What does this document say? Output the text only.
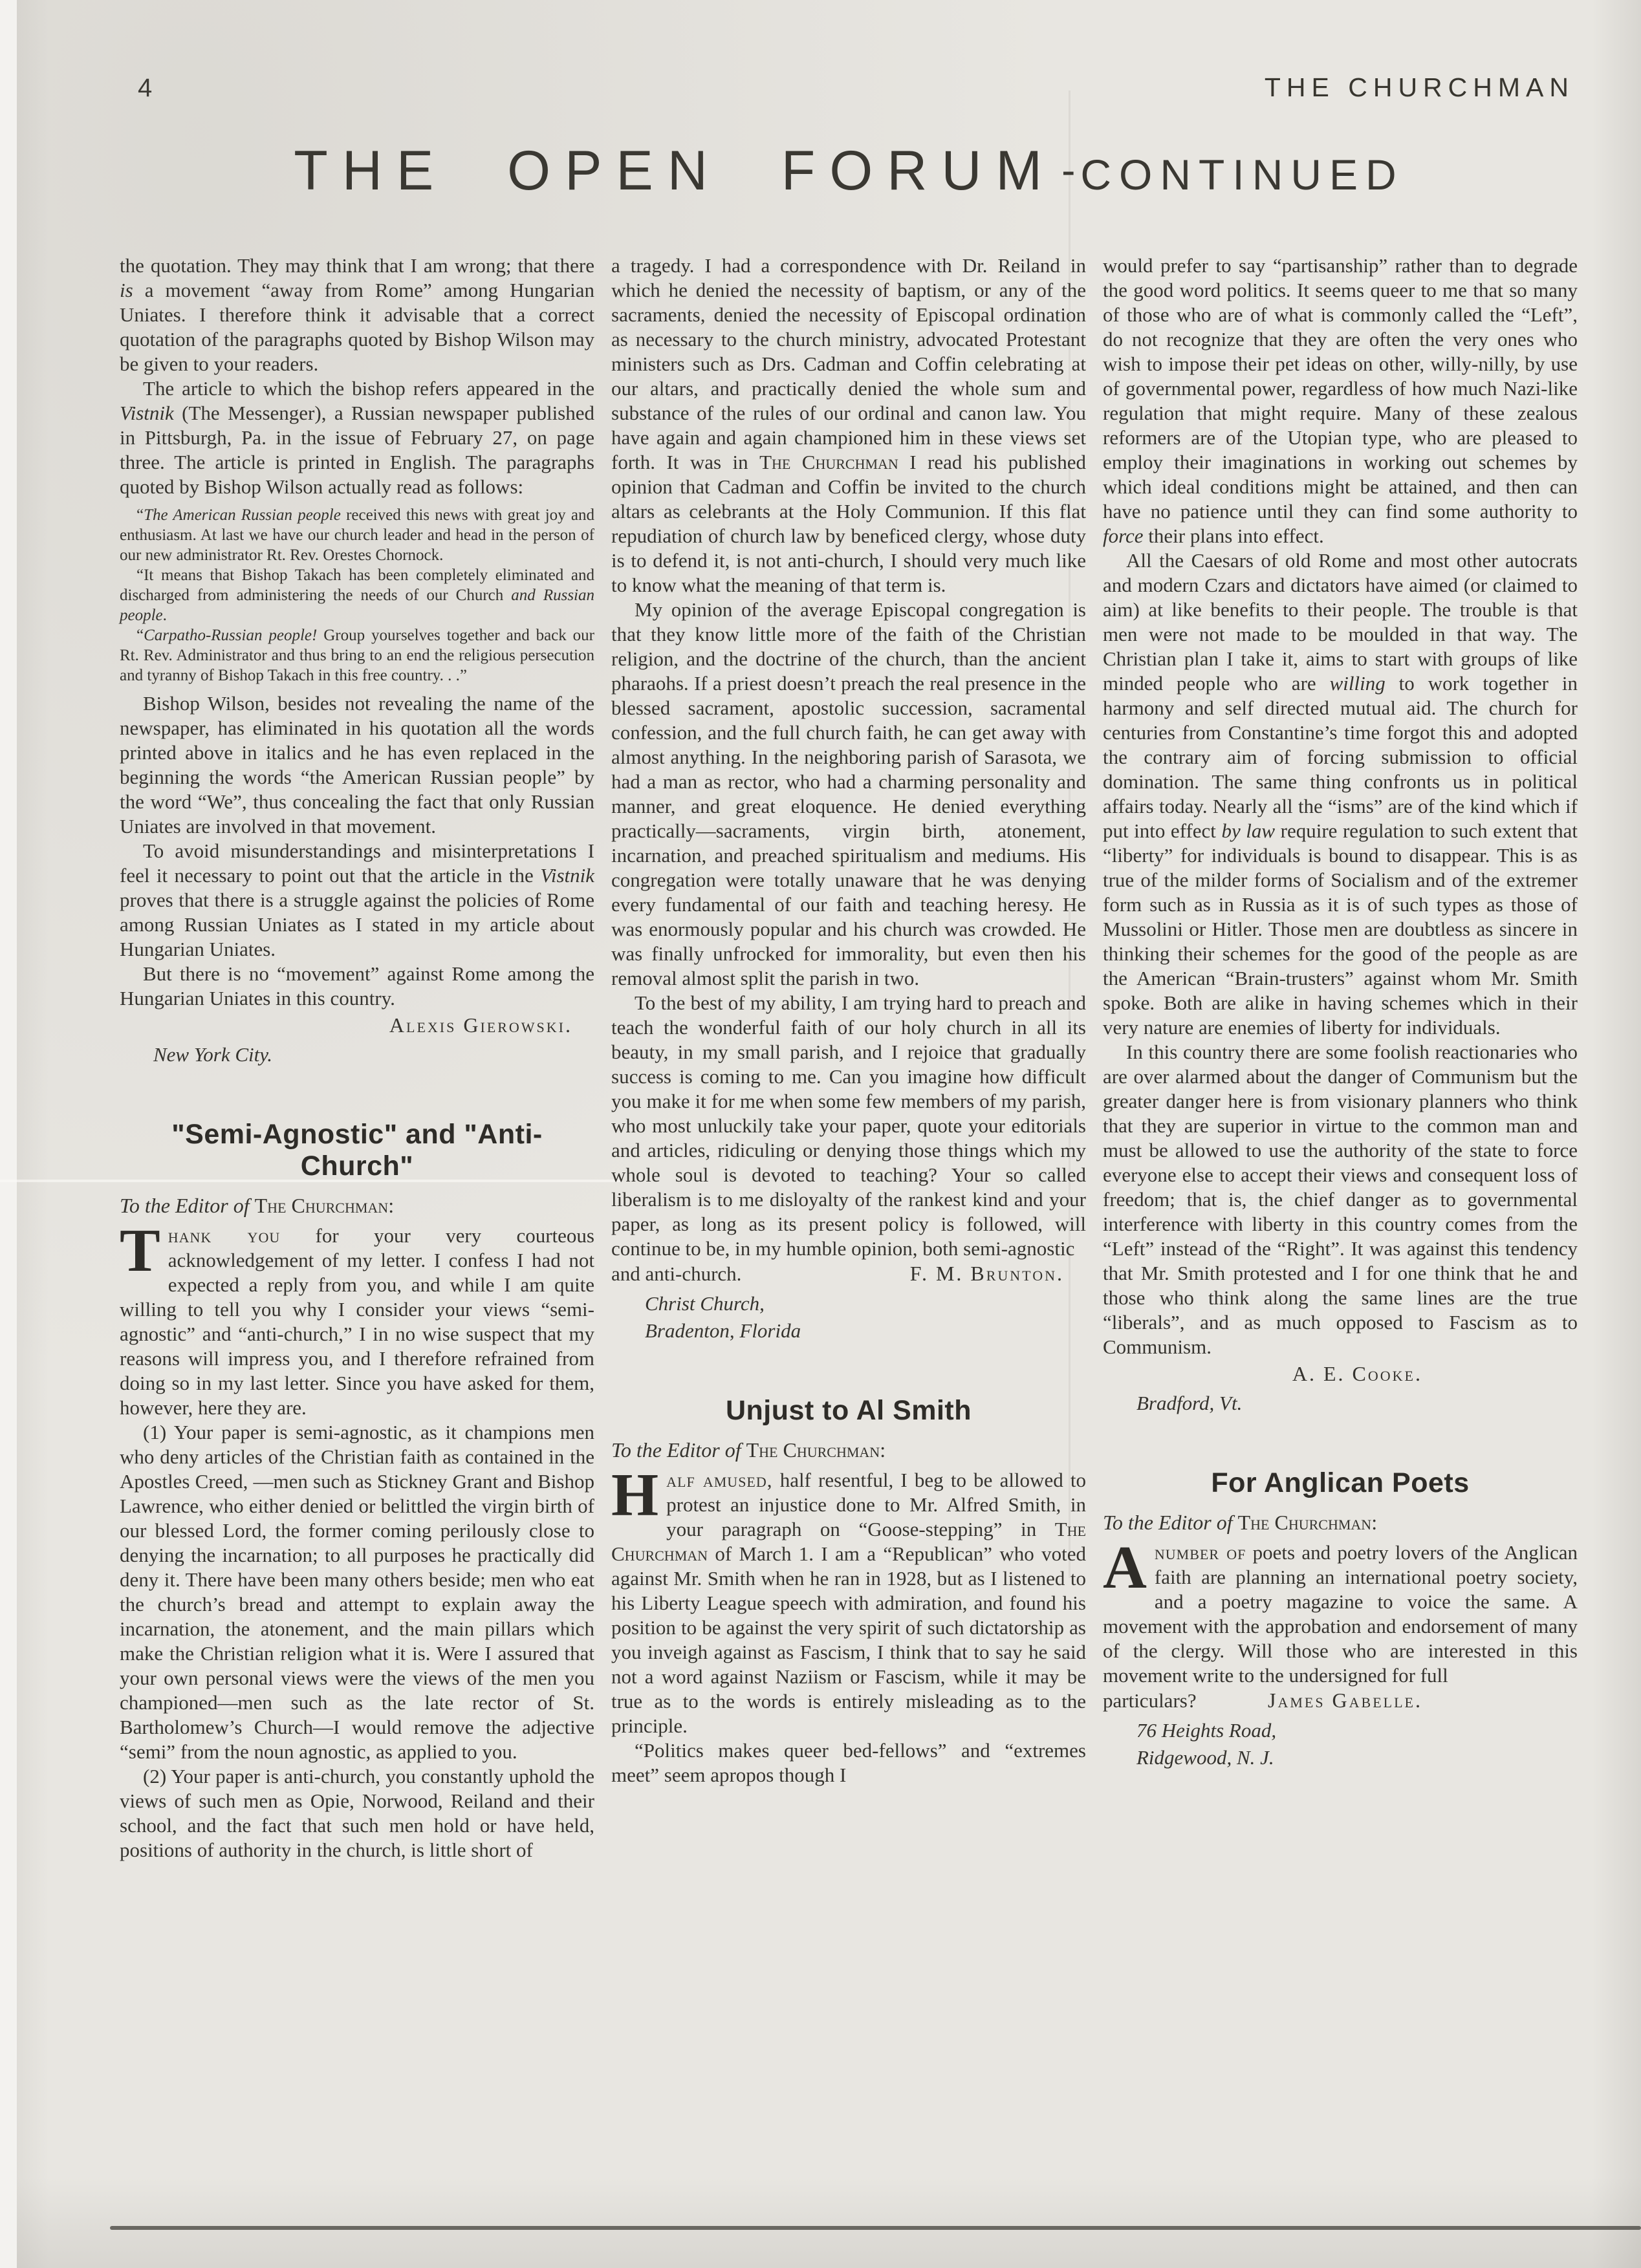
4	THE CHURCHMAN
THE OPEN FORUM - CONTINUED

the quotation. They may think that I am wrong; that there is a movement “away from Rome” among Hungarian Uniates. I therefore think it advisable that a correct quotation of the paragraphs quoted by Bishop Wilson may be given to your readers.

The article to which the bishop refers appeared in the Vistnik (The Messenger), a Russian newspaper published in Pittsburgh, Pa. in the issue of February 27, on page three. The article is printed in English. The paragraphs quoted by Bishop Wilson actually read as follows:

“The American Russian people received this news with great joy and enthusiasm. At last we have our church leader and head in the person of our new administrator Rt. Rev. Orestes Chornock.

“It means that Bishop Takach has been completely eliminated and discharged from administering the needs of our Church and Russian people.

“Carpatho-Russian people! Group yourselves together and back our Rt. Rev. Administrator and thus bring to an end the religious persecution and tyranny of Bishop Takach in this free country. . .”

Bishop Wilson, besides not revealing the name of the newspaper, has eliminated in his quotation all the words printed above in italics and he has even replaced in the beginning the words “the American Russian people” by the word “We”, thus concealing the fact that only Russian Uniates are involved in that movement.

To avoid misunderstandings and misinterpretations I feel it necessary to point out that the article in the Vistnik proves that there is a struggle against the policies of Rome among Russian Uniates as I stated in my article about Hungarian Uniates.

But there is no “movement” against Rome among the Hungarian Uniates in this country.

Alexis Gierowski.

New York City.

"Semi-Agnostic" and "Anti-Church"

To the Editor of The Churchman:

Thank you for your very courteous acknowledgement of my letter. I confess I had not expected a reply from you, and while I am quite willing to tell you why I consider your views “semi-agnostic” and “anti-church,” I in no wise suspect that my reasons will impress you, and I therefore refrained from doing so in my last letter. Since you have asked for them, however, here they are.

(1) Your paper is semi-agnostic, as it champions men who deny articles of the Christian faith as contained in the Apostles Creed, —men such as Stickney Grant and Bishop Lawrence, who either denied or belittled the virgin birth of our blessed Lord, the former coming perilously close to denying the incarnation; to all purposes he practically did deny it. There have been many others beside; men who eat the church’s bread and attempt to explain away the incarnation, the atonement, and the main pillars which make the Christian religion what it is. Were I assured that your own personal views were the views of the men you championed—men such as the late rector of St. Bartholomew’s Church—I would remove the adjective “semi” from the noun agnostic, as applied to you.

(2) Your paper is anti-church, you constantly uphold the views of such men as Opie, Norwood, Reiland and their school, and the fact that such men hold or have held, positions of authority in the church, is little short of

a tragedy. I had a correspondence with Dr. Reiland in which he denied the necessity of baptism, or any of the sacraments, denied the necessity of Episcopal ordination as necessary to the church ministry, advocated Protestant ministers such as Drs. Cadman and Coffin celebrating at our altars, and practically denied the whole sum and substance of the rules of our ordinal and canon law. You have again and again championed him in these views set forth. It was in The Churchman I read his published opinion that Cadman and Coffin be invited to the church altars as celebrants at the Holy Communion. If this flat repudiation of church law by beneficed clergy, whose duty is to defend it, is not anti-church, I should very much like to know what the meaning of that term is.

My opinion of the average Episcopal congregation is that they know little more of the faith of the Christian religion, and the doctrine of the church, than the ancient pharaohs. If a priest doesn’t preach the real presence in the blessed sacrament, apostolic succession, sacramental confession, and the full church faith, he can get away with almost anything. In the neighboring parish of Sarasota, we had a man as rector, who had a charming personality and manner, and great eloquence. He denied everything practically—sacraments, virgin birth, atonement, incarnation, and preached spiritualism and mediums. His congregation were totally unaware that he was denying every fundamental of our faith and teaching heresy. He was enormously popular and his church was crowded. He was finally unfrocked for immorality, but even then his removal almost split the parish in two.

To the best of my ability, I am trying hard to preach and teach the wonderful faith of our holy church in all its beauty, in my small parish, and I rejoice that gradually success is coming to me. Can you imagine how difficult you make it for me when some few members of my parish, who most unluckily take your paper, quote your editorials and articles, ridiculing or denying those things which my whole soul is devoted to teaching? Your so called liberalism is to me disloyalty of the rankest kind and your paper, as long as its present policy is followed, will continue to be, in my humble opinion, both semi-agnostic

and anti-church.	F. M. Brunton.

Christ Church,

Bradenton, Florida

Unjust to Al Smith

To the Editor of The Churchman:

Half amused, half resentful, I beg to be allowed to protest an injustice done to Mr. Alfred Smith, in your paragraph on “Goose-stepping” in The Churchman of March 1. I am a “Republican” who voted against Mr. Smith when he ran in 1928, but as I listened to his Liberty League speech with admiration, and found his position to be against the very spirit of such dictatorship as you inveigh against as Fascism, I think that to say he said not a word against Naziism or Fascism, while it may be true as to the words is entirely misleading as to the principle.

“Politics makes queer bed-fellows” and “extremes meet” seem apropos though I

would prefer to say “partisanship” rather than to degrade the good word politics. It seems queer to me that so many of those who are of what is commonly called the “Left”, do not recognize that they are often the very ones who wish to impose their pet ideas on other, willy-nilly, by use of governmental power, regardless of how much Nazi-like regulation that might require. Many of these zealous reformers are of the Utopian type, who are pleased to employ their imaginations in working out schemes by which ideal conditions might be attained, and then can have no patience until they can find some authority to force their plans into effect.

All the Caesars of old Rome and most other autocrats and modern Czars and dictators have aimed (or claimed to aim) at like benefits to their people. The trouble is that men were not made to be moulded in that way. The Christian plan I take it, aims to start with groups of like minded people who are willing to work together in harmony and self directed mutual aid. The church for centuries from Constantine’s time forgot this and adopted the contrary aim of forcing submission to official domination. The same thing confronts us in political affairs today. Nearly all the “isms” are of the kind which if put into effect by law require regulation to such extent that “liberty” for individuals is bound to disappear. This is as true of the milder forms of Socialism and of the extremer form such as in Russia as it is of such types as those of Mussolini or Hitler. Those men are doubtless as sincere in thinking their schemes for the good of the people as are the American “Brain-trusters” against whom Mr. Smith spoke. Both are alike in having schemes which in their very nature are enemies of liberty for individuals.

In this country there are some foolish reactionaries who are over alarmed about the danger of Communism but the greater danger here is from visionary planners who think that they are superior in virtue to the common man and must be allowed to use the authority of the state to force everyone else to accept their views and consequent loss of freedom; that is, the chief danger as to governmental interference with liberty in this country comes from the “Left” instead of the “Right”. It was against this tendency that Mr. Smith protested and I for one think that he and those who think along the same lines are the true “liberals”, and as much opposed to Fascism as to Communism.

A. E. Cooke.

Bradford, Vt.

For Anglican Poets

To the Editor of The Churchman:

Anumber of poets and poetry lovers of the Anglican faith are planning an international poetry society, and a poetry magazine to voice the same. A movement with the approbation and endorsement of many of the clergy. Will those who are interested in this movement write to the undersigned for full

particulars?	James Gabelle.

76 Heights Road,

Ridgewood, N. J.
